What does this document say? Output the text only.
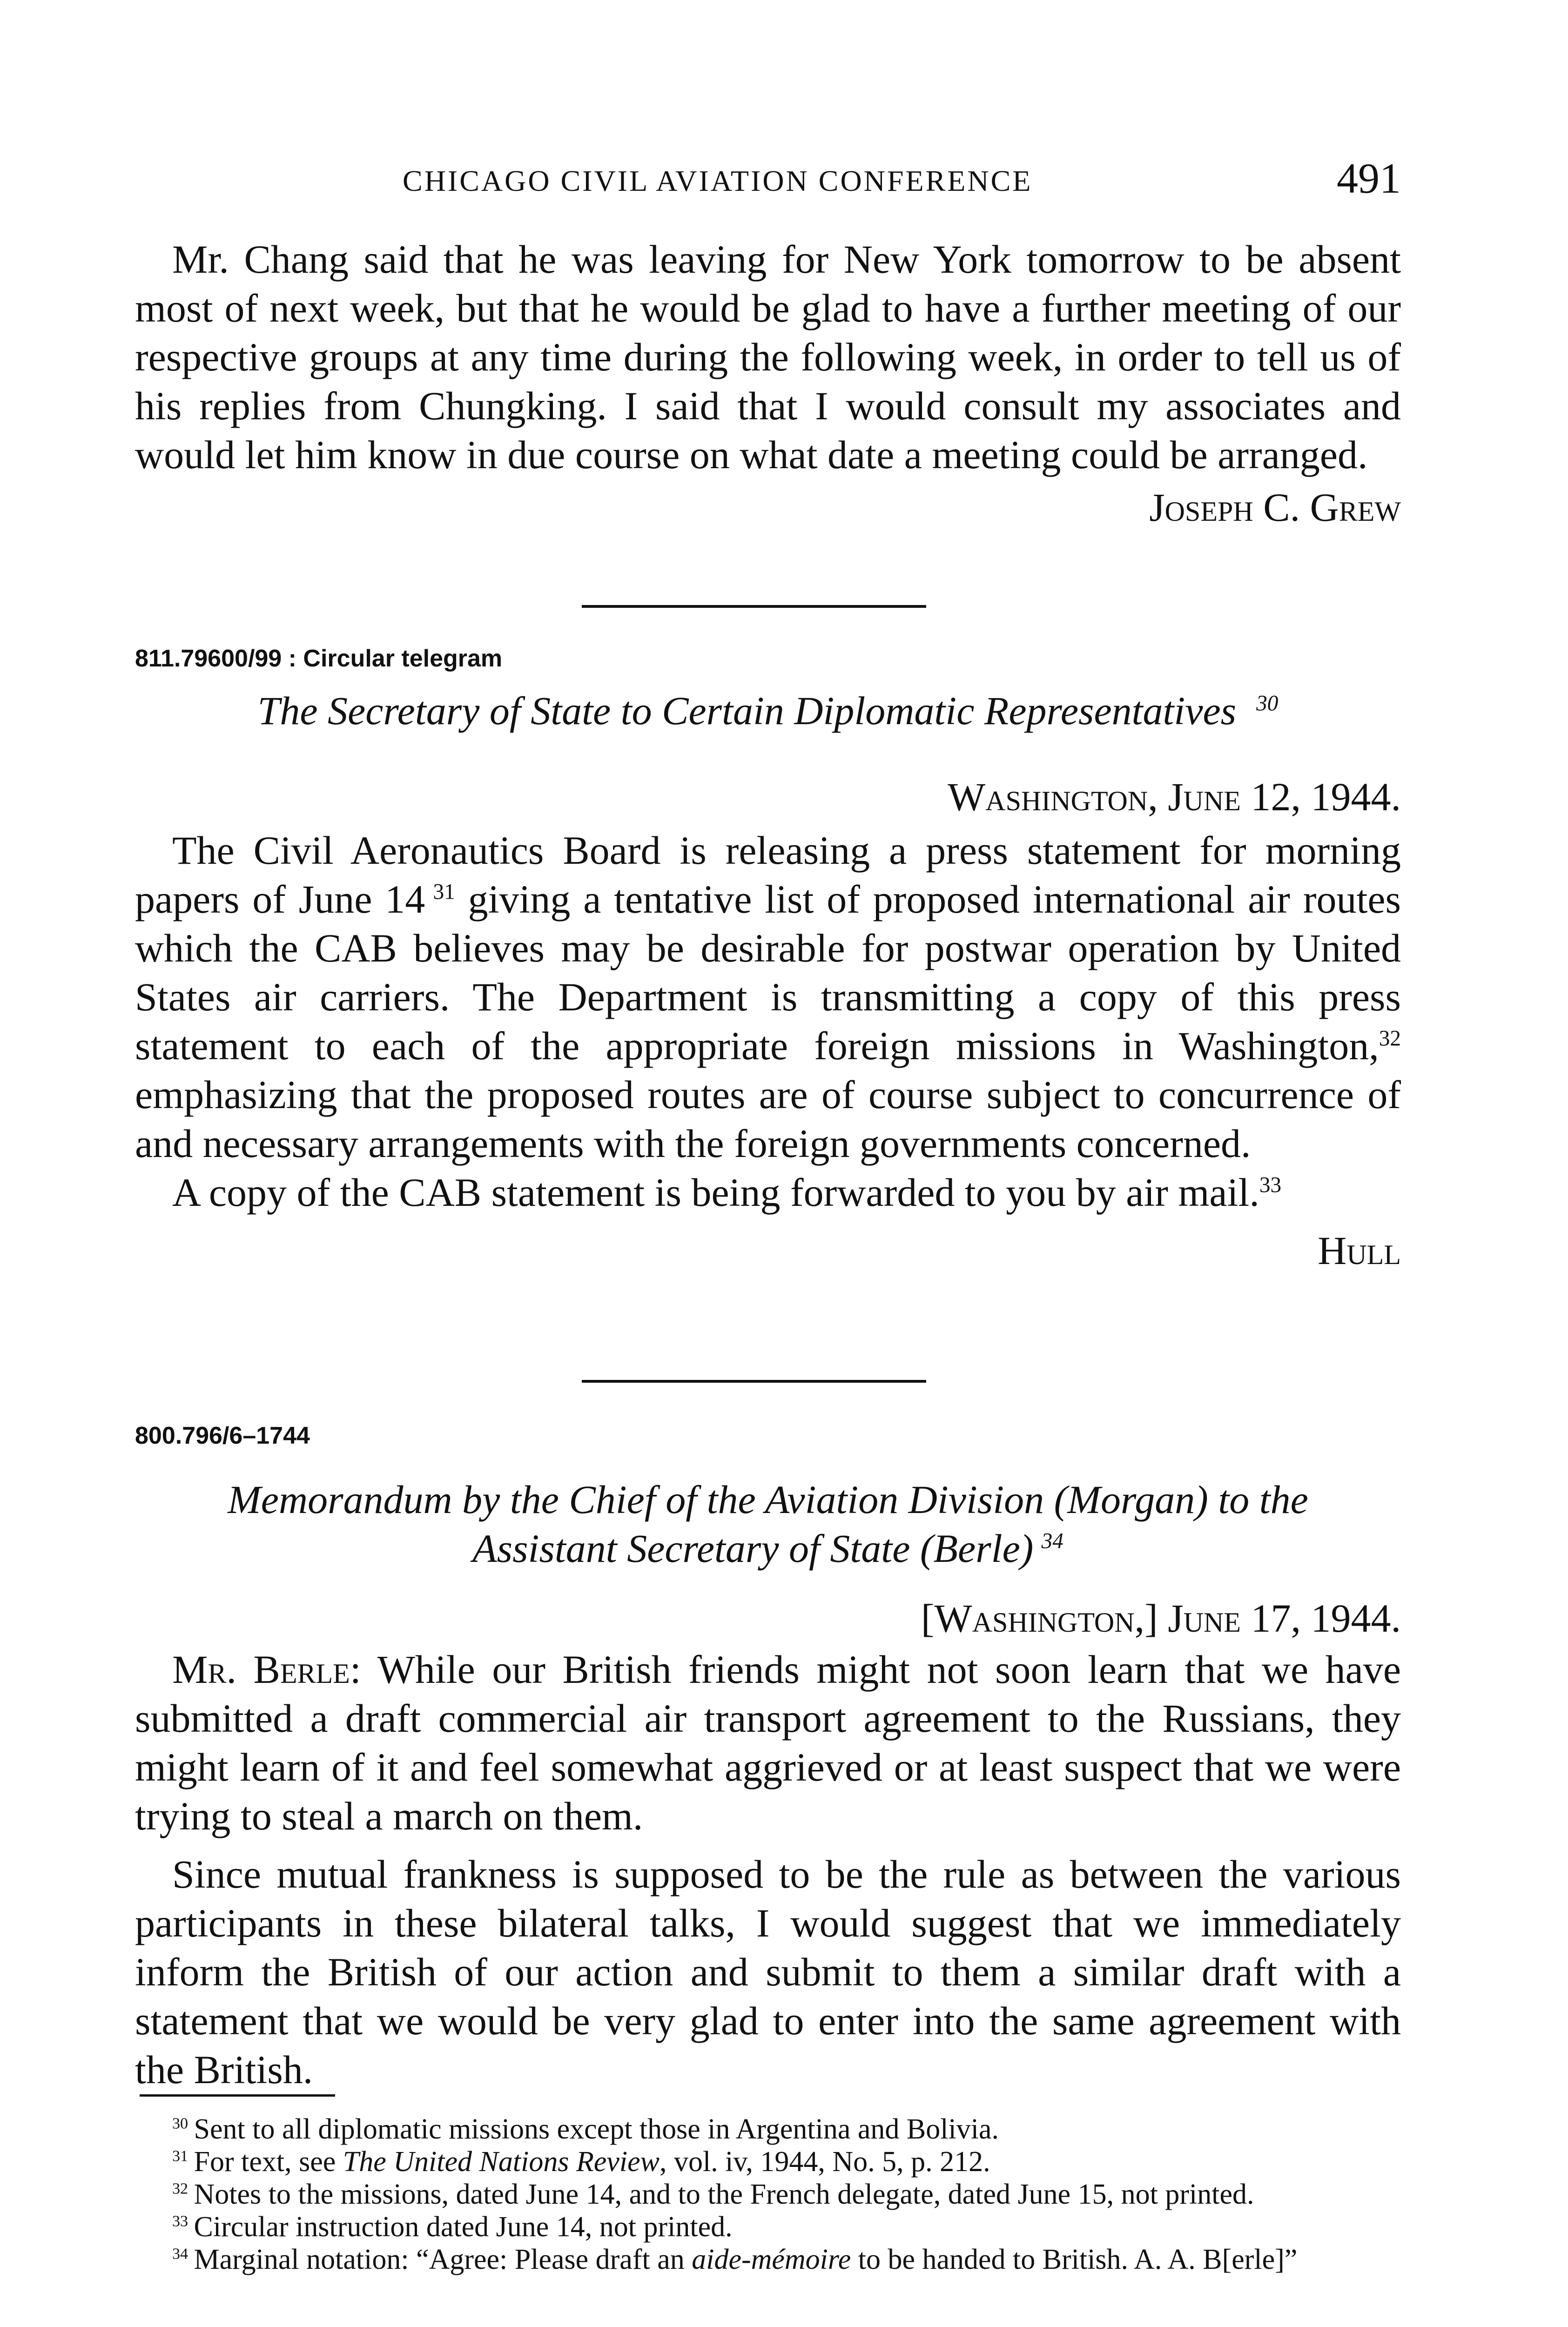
CHICAGO CIVIL AVIATION CONFERENCE	491

Mr. Chang said that he was leaving for New York tomorrow to be absent most of next week, but that he would be glad to have a further meeting of our respective groups at any time during the following week, in order to tell us of his replies from Chungking. I said that I would consult my associates and would let him know in due course on what date a meeting could be arranged.

Joseph C. Grew

811.79600/99 : Circular telegram

The Secretary of State to Certain Diplomatic Representatives  $^{30}$

Washington, June 12, 1944.

The Civil Aeronautics Board is releasing a press statement for morning papers of June 14  $^{31}$ giving a tentative list of proposed international air routes which the CAB believes may be desirable for postwar operation by United States air carriers. The Department is transmitting a copy of this press statement to each of the appropriate foreign missions in Washington,$^{32}$ emphasizing that the proposed routes are of course subject to concurrence of and necessary arrangements with the foreign governments concerned.

A copy of the CAB statement is being forwarded to you by air mail.$^{33}$

Hull

800.796/6–1744

Memorandum by the Chief of the Aviation Division (Morgan) to the

Assistant Secretary of State (Berle)  $^{34}$

[Washington,] June 17, 1944.

Mr. Berle: While our British friends might not soon learn that we have submitted a draft commercial air transport agreement to the Russians, they might learn of it and feel somewhat aggrieved or at least suspect that we were trying to steal a march on them.

Since mutual frankness is supposed to be the rule as between the various participants in these bilateral talks, I would suggest that we immediately inform the British of our action and submit to them a similar draft with a statement that we would be very glad to enter into the same agreement with the British.

$^{30}$  Sent to all diplomatic missions except those in Argentina and Bolivia.

$^{31}$  For text, see The United Nations Review, vol. iv, 1944, No. 5, p. 212.

$^{32}$  Notes to the missions, dated June 14, and to the French delegate, dated June 15, not printed.

$^{33}$  Circular instruction dated June 14, not printed.

$^{34}$  Marginal notation: “Agree: Please draft an aide-mémoire to be handed to British. A. A. B[erle]”
